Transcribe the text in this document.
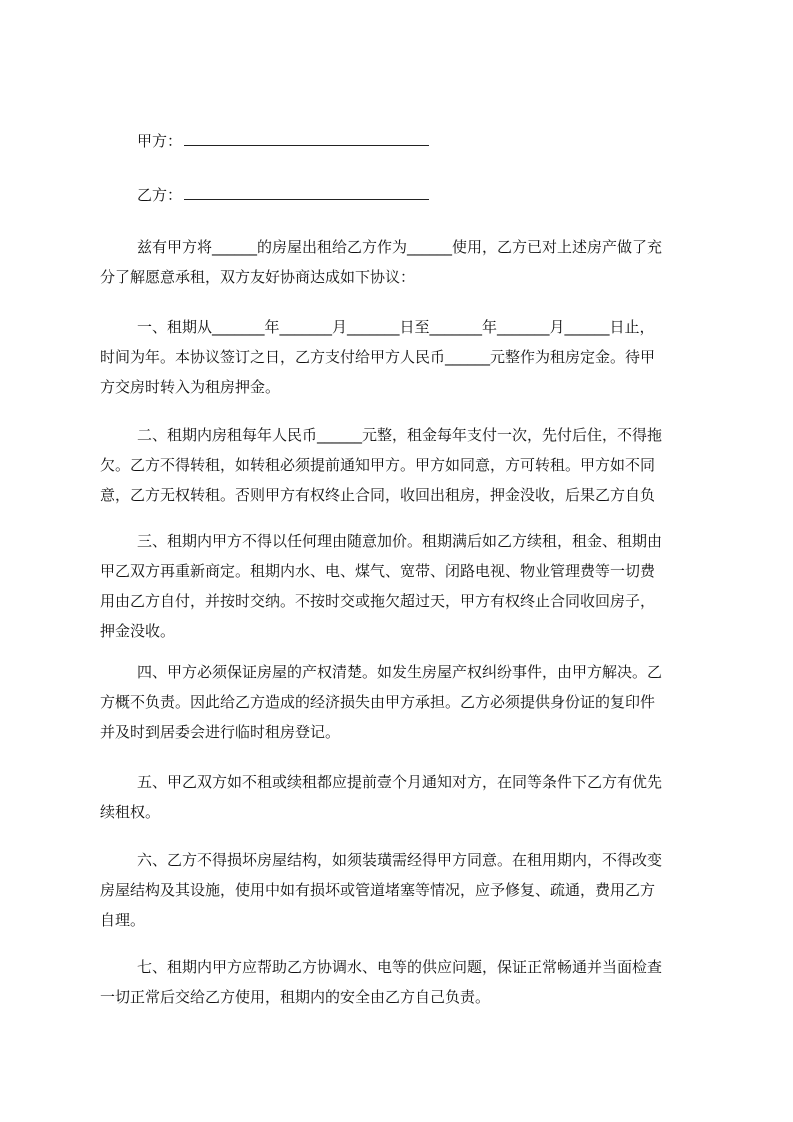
甲方：
乙方：
兹有甲方将______的房屋出租给乙方作为______使用，乙方已对上述房产做了充
分了解愿意承租，双方友好协商达成如下协议：
一、租期从_______年_______月_______日至_______年_______月______日止，
时间为年。本协议签订之日，乙方支付给甲方人民币______元整作为租房定金。待甲
方交房时转入为租房押金。
二、租期内房租每年人民币______元整，租金每年支付一次，先付后住，不得拖
欠。乙方不得转租，如转租必须提前通知甲方。甲方如同意，方可转租。甲方如不同
意，乙方无权转租。否则甲方有权终止合同，收回出租房，押金没收，后果乙方自负
三、租期内甲方不得以任何理由随意加价。租期满后如乙方续租，租金、租期由
甲乙双方再重新商定。租期内水、电、煤气、宽带、闭路电视、物业管理费等一切费
用由乙方自付，并按时交纳。不按时交或拖欠超过天，甲方有权终止合同收回房子，
押金没收。
四、甲方必须保证房屋的产权清楚。如发生房屋产权纠纷事件，由甲方解决。乙
方概不负责。因此给乙方造成的经济损失由甲方承担。乙方必须提供身份证的复印件
并及时到居委会进行临时租房登记。
五、甲乙双方如不租或续租都应提前壹个月通知对方，在同等条件下乙方有优先
续租权。
六、乙方不得损坏房屋结构，如须装璜需经得甲方同意。在租用期内，不得改变
房屋结构及其设施，使用中如有损坏或管道堵塞等情况，应予修复、疏通，费用乙方
自理。
七、租期内甲方应帮助乙方协调水、电等的供应问题，保证正常畅通并当面检查
一切正常后交给乙方使用，租期内的安全由乙方自己负责。
